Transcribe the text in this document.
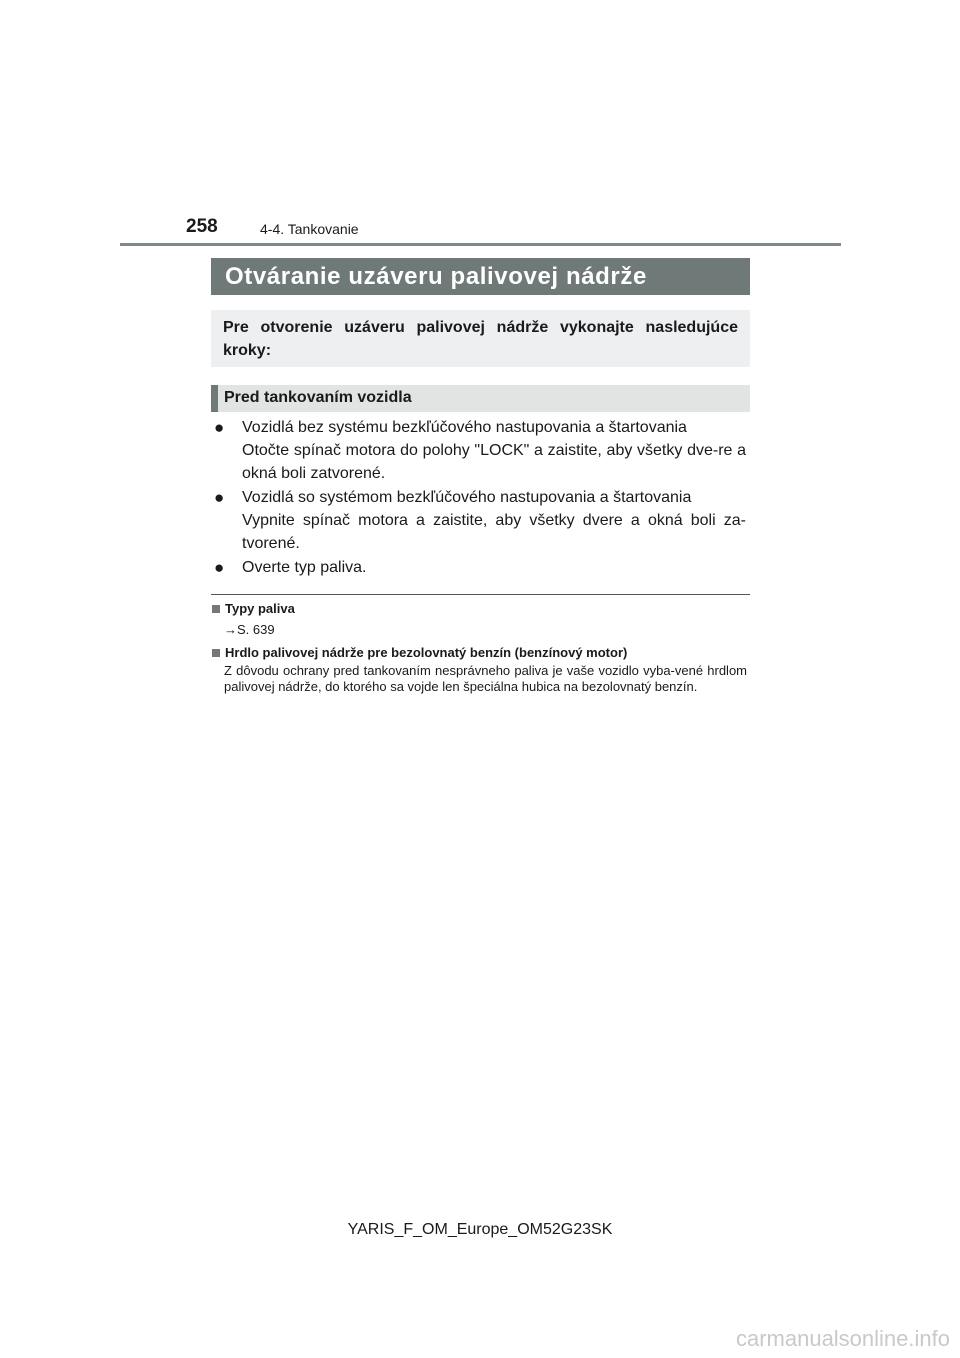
258	4-4. Tankovanie
Otváranie uzáveru palivovej nádrže
Pre otvorenie uzáveru palivovej nádrže vykonajte nasledujúce kroky:
Pred tankovaním vozidla
●
Vozidlá bez systému bezkľúčového nastupovania a štartovania
Otočte spínač motora do polohy "LOCK" a zaistite, aby všetky dve-re a okná boli zatvorené.
●
Vozidlá so systémom bezkľúčového nastupovania a štartovania
Vypnite spínač motora a zaistite, aby všetky dvere a okná boli za-tvorené.
●
Overte typ paliva.
Typy paliva
→S. 639
Hrdlo palivovej nádrže pre bezolovnatý benzín (benzínový motor)
Z dôvodu ochrany pred tankovaním nesprávneho paliva je vaše vozidlo vyba-vené hrdlom palivovej nádrže, do ktorého sa vojde len špeciálna hubica na bezolovnatý benzín.
YARIS_F_OM_Europe_OM52G23SK
carmanualsonline.info
